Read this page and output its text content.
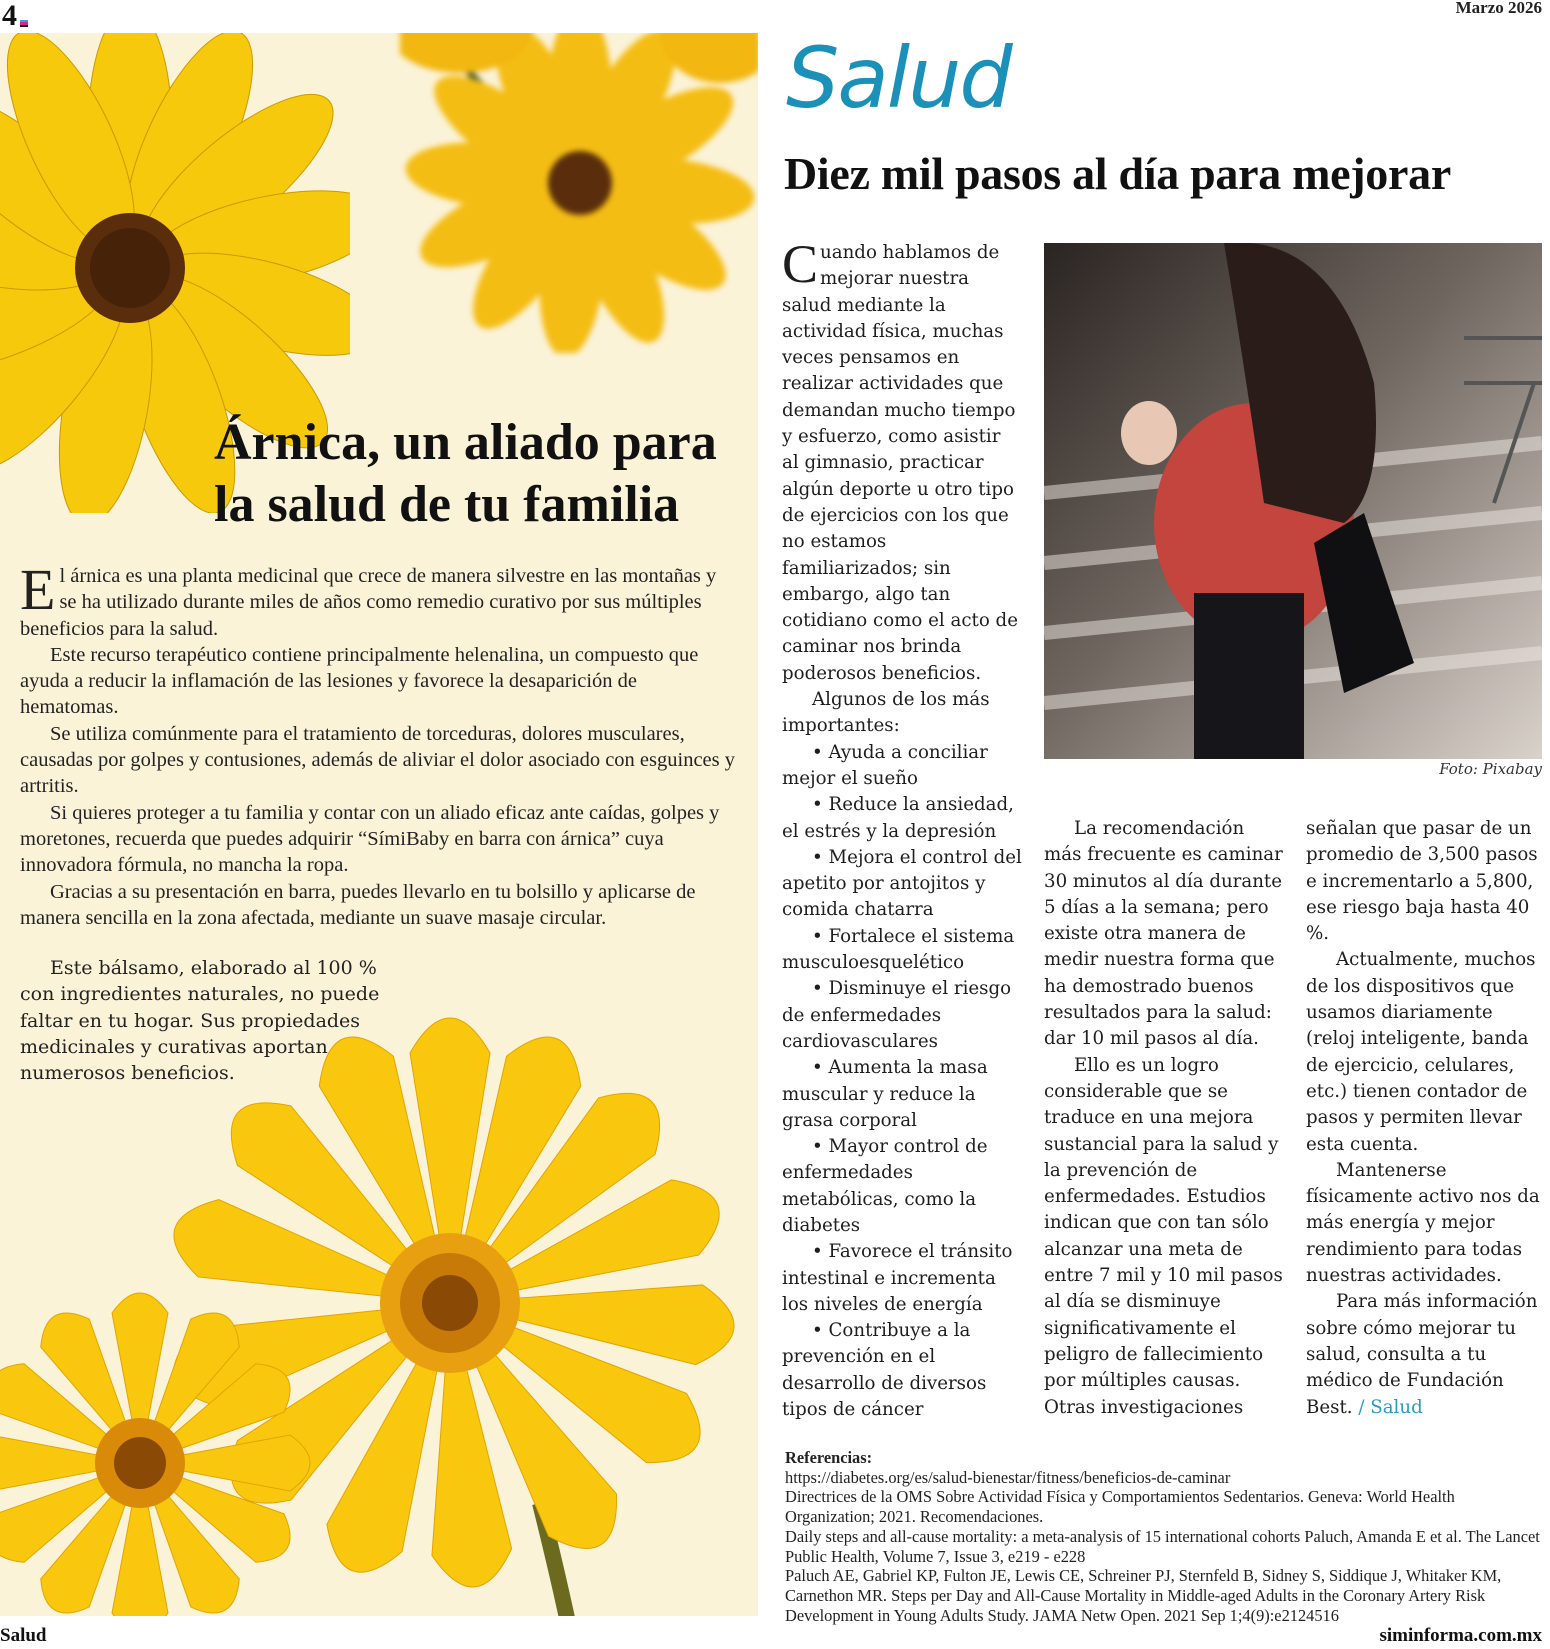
4	Marzo 2026
Árnica, un aliado para
la salud de tu familia

El árnica es una planta medicinal que crece de manera silvestre en las montañas y se ha utilizado durante miles de años como remedio curativo por sus múltiples beneficios para la salud.

Este recurso terapéutico contiene principalmente helenalina, un compuesto que ayuda a reducir la inflamación de las lesiones y favorece la desaparición de hematomas.

Se utiliza comúnmente para el tratamiento de torceduras, dolores musculares, causadas por golpes y contusiones, además de aliviar el dolor asociado con esguinces y artritis.

Si quieres proteger a tu familia y contar con un aliado eficaz ante caídas, golpes y moretones, recuerda que puedes adquirir “SímiBaby en barra con árnica” cuya innovadora fórmula, no mancha la ropa.

Gracias a su presentación en barra, puedes llevarlo en tu bolsillo y aplicarse de manera sencilla en la zona afectada, mediante un suave masaje circular.

Este bálsamo, elaborado al 100 % con ingredientes naturales, no puede faltar en tu hogar. Sus propiedades medicinales y curativas aportan numerosos beneficios.

Salud
Diez mil pasos al día para mejorar

Cuando hablamos de mejorar nuestra salud mediante la actividad física, muchas veces pensamos en realizar actividades que demandan mucho tiempo y esfuerzo, como asistir al gimnasio, practicar algún deporte u otro tipo de ejercicios con los que no estamos familiarizados; sin embargo, algo tan cotidiano como el acto de caminar nos brinda poderosos beneficios.

Algunos de los más importantes:

• Ayuda a conciliar mejor el sueño

• Reduce la ansiedad, el estrés y la depresión

• Mejora el control del apetito por antojitos y comida chatarra

• Fortalece el sistema musculoesquelético

• Disminuye el riesgo de enfermedades cardiovasculares

• Aumenta la masa muscular y reduce la grasa corporal

• Mayor control de enfermedades metabólicas, como la diabetes

• Favorece el tránsito intestinal e incrementa los niveles de energía

• Contribuye a la prevención en el desarrollo de diversos tipos de cáncer

Foto: Pixabay

La recomendación más frecuente es caminar 30 minutos al día durante 5 días a la semana; pero existe otra manera de medir nuestra forma que ha demostrado buenos resultados para la salud: dar 10 mil pasos al día.

Ello es un logro considerable que se traduce en una mejora sustancial para la salud y la prevención de enfermedades. Estudios indican que con tan sólo alcanzar una meta de entre 7 mil y 10 mil pasos al día se disminuye significativamente el peligro de fallecimiento por múltiples causas. Otras investigaciones

señalan que pasar de un promedio de 3,500 pasos e incrementarlo a 5,800, ese riesgo baja hasta 40 %.

Actualmente, muchos de los dispositivos que usamos diariamente (reloj inteligente, banda de ejercicio, celulares, etc.) tienen contador de pasos y permiten llevar esta cuenta.

Mantenerse físicamente activo nos da más energía y mejor rendimiento para todas nuestras actividades.

Para más información sobre cómo mejorar tu salud, consulta a tu médico de Fundación Best. / Salud

Referencias:

https://diabetes.org/es/salud-bienestar/fitness/beneficios-de-caminar

Directrices de la OMS Sobre Actividad Física y Comportamientos Sedentarios. Geneva: World Health Organization; 2021. Recomendaciones.

Daily steps and all-cause mortality: a meta-analysis of 15 international cohorts Paluch, Amanda E et al. The Lancet Public Health, Volume 7, Issue 3, e219 - e228

Paluch AE, Gabriel KP, Fulton JE, Lewis CE, Schreiner PJ, Sternfeld B, Sidney S, Siddique J, Whitaker KM, Carnethon MR. Steps per Day and All-Cause Mortality in Middle-aged Adults in the Coronary Artery Risk Development in Young Adults Study. JAMA Netw Open. 2021 Sep 1;4(9):e2124516

Salud	siminforma.com.mx
